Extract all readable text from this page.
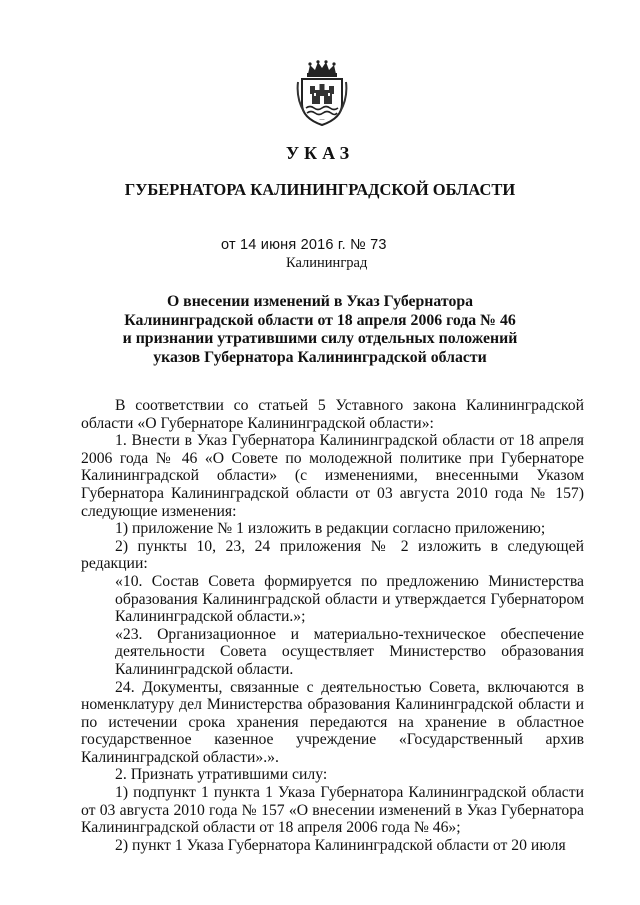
—
УКАЗ
ГУБЕРНАТОРА КАЛИНИНГРАДСКОЙ ОБЛАСТИ
от 14 июня 2016 г. № 73
Калининград
О внесении изменений в Указ Губернатора
Калининградской области от 18 апреля 2006 года № 46
и признании утратившими силу отдельных положений
указов Губернатора Калининградской области
В соответствии со статьей 5 Уставного закона Калининградской области «О Губернаторе Калининградской области»:
1. Внести в Указ Губернатора Калининградской области от 18 апреля 2006 года № 46 «О Совете по молодежной политике при Губернаторе Калининградской области» (с изменениями, внесенными Указом Губернатора Калининградской области от 03 августа 2010 года № 157) следующие изменения:
1) приложение № 1 изложить в редакции согласно приложению;
2) пункты 10, 23, 24 приложения № 2 изложить в следующей редакции:
«10. Состав Совета формируется по предложению Министерства образования Калининградской области и утверждается Губернатором Калининградской области.»;
«23. Организационное и материально-техническое обеспечение деятельности Совета осуществляет Министерство образования Калининградской области.
24. Документы, связанные с деятельностью Совета, включаются в номенклатуру дел Министерства образования Калининградской области и по истечении срока хранения передаются на хранение в областное государственное казенное учреждение «Государственный архив Калининградской области».».
2. Признать утратившими силу:
1) подпункт 1 пункта 1 Указа Губернатора Калининградской области от 03 августа 2010 года № 157 «О внесении изменений в Указ Губернатора Калининградской области от 18 апреля 2006 года № 46»;
2) пункт 1 Указа Губернатора Калининградской области от 20 июля
